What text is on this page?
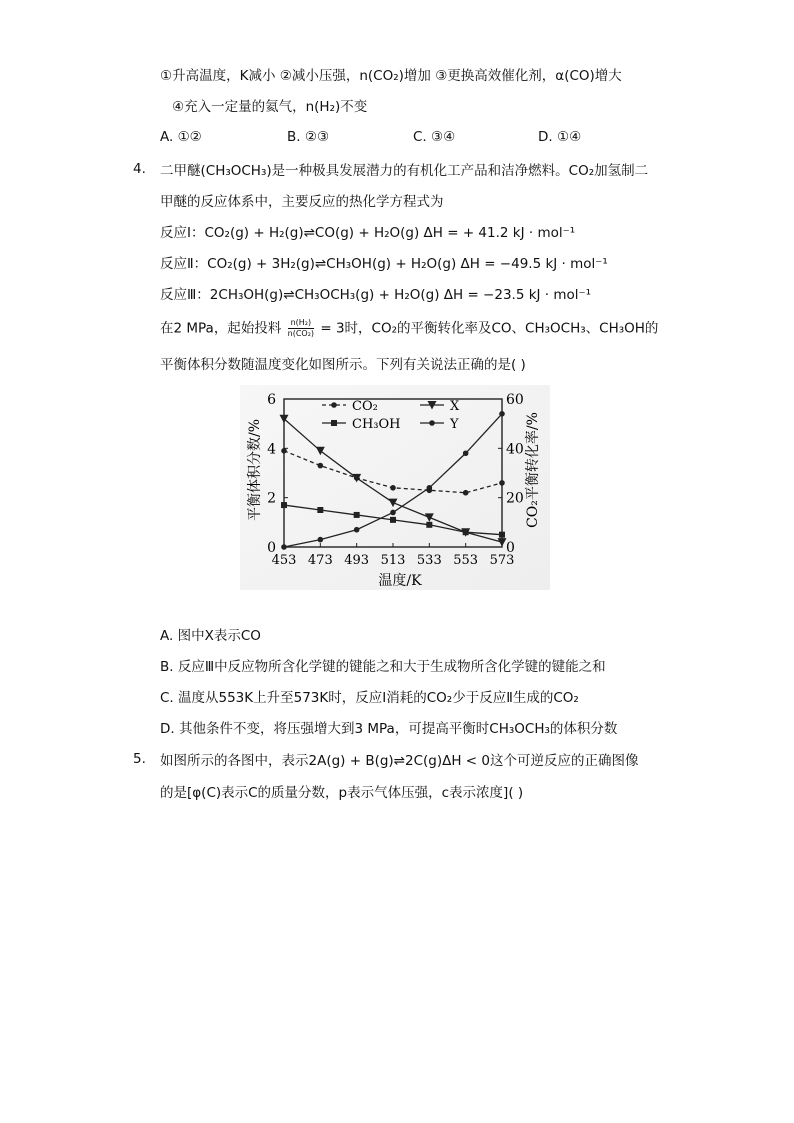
①升高温度，K减小 ②减小压强，n(CO₂)增加 ③更换高效催化剂，α(CO)增大
④充入一定量的氦气，n(H₂)不变
A. ①②	B. ②③	C. ③④	D. ①④
4. 二甲醚(CH₃OCH₃)是一种极具发展潜力的有机化工产品和洁净燃料。CO₂加氢制二
甲醚的反应体系中，主要反应的热化学方程式为
反应Ⅰ：CO₂(g) + H₂(g)⇌CO(g) + H₂O(g) ΔH = + 41.2 kJ · mol⁻¹
反应Ⅱ：CO₂(g) + 3H₂(g)⇌CH₃OH(g) + H₂O(g) ΔH = −49.5 kJ · mol⁻¹
反应Ⅲ：2CH₃OH(g)⇌CH₃OCH₃(g) + H₂O(g) ΔH = −23.5 kJ · mol⁻¹
在2 MPa，起始投料 $\frac{\text{n(H₂)}}{\text{n(CO₂)}} = 3$时，CO₂的平衡转化率及CO、CH₃OCH₃、CH₃OH的
平衡体积分数随温度变化如图所示。下列有关说法正确的是( )
453 473 493 513 533 553 573
0
2
4
6
0
20
40
60
CO₂	X
CH₃OH	Y
温度/K
平衡体积分数/%	CO₂平衡转化率/%
A. 图中X表示CO
B. 反应Ⅲ中反应物所含化学键的键能之和大于生成物所含化学键的键能之和
C. 温度从553K上升至573K时，反应Ⅰ消耗的CO₂少于反应Ⅱ生成的CO₂
D. 其他条件不变，将压强增大到3 MPa，可提高平衡时CH₃OCH₃的体积分数
5. 如图所示的各图中，表示2A(g) + B(g)⇌2C(g)ΔH < 0这个可逆反应的正确图像
的是[φ(C)表示C的质量分数，p表示气体压强，c表示浓度]( )
